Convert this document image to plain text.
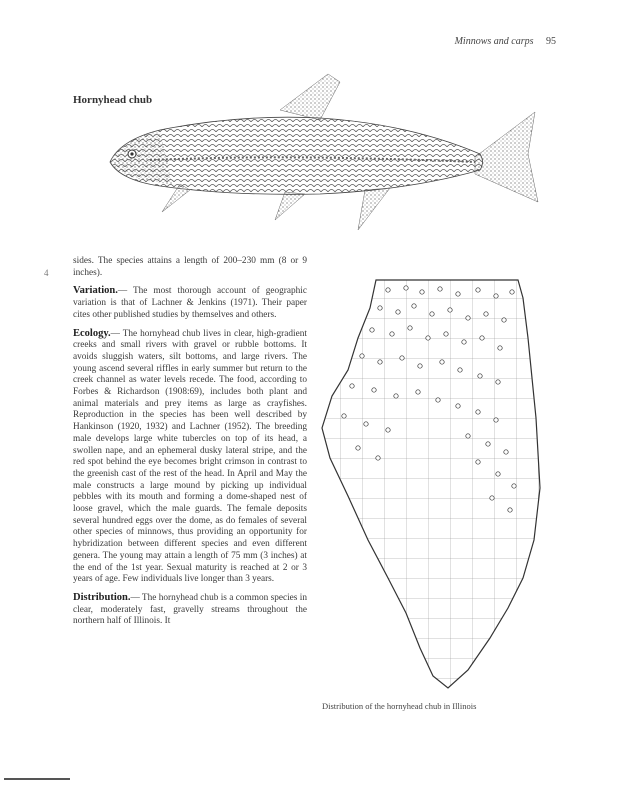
Minnows and carps 95
Hornyhead chub
4

sides. The species attains a length of 200–230 mm (8 or 9 inches).

Variation.— The most thorough account of geographic variation is that of Lachner & Jenkins (1971). Their paper cites other published studies by themselves and others.

Ecology.— The hornyhead chub lives in clear, high-gradient creeks and small rivers with gravel or rubble bottoms. It avoids sluggish waters, silt bottoms, and large rivers. The young ascend several riffles in early summer but return to the creek channel as water levels recede. The food, according to Forbes & Richardson (1908:69), includes both plant and animal materials and prey items as large as crayfishes. Reproduction in the species has been well described by Hankinson (1920, 1932) and Lachner (1952). The breeding male develops large white tubercles on top of its head, a swollen nape, and an ephemeral dusky lateral stripe, and the red spot behind the eye becomes bright crimson in contrast to the greenish cast of the rest of the head. In April and May the male constructs a large mound by picking up individual pebbles with its mouth and forming a dome-shaped nest of loose gravel, which the male guards. The female deposits several hundred eggs over the dome, as do females of several other species of minnows, thus providing an opportunity for hybridization between different species and even different genera. The young may attain a length of 75 mm (3 inches) at the end of the 1st year. Sexual maturity is reached at 2 or 3 years of age. Few individuals live longer than 3 years.

Distribution.— The hornyhead chub is a common species in clear, moderately fast, gravelly streams throughout the northern half of Illinois. It

Distribution of the hornyhead chub in Illinois
